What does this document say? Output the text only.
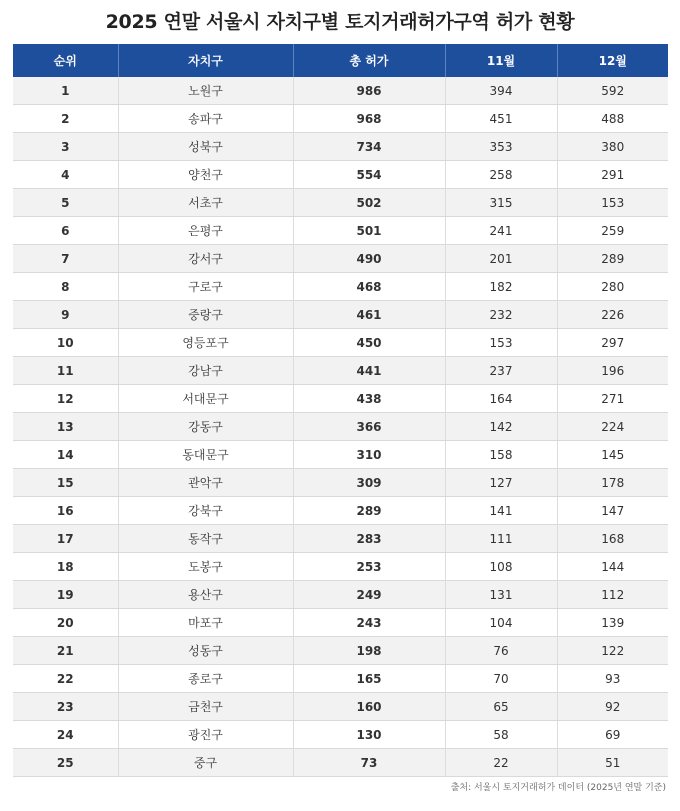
2025 연말 서울시 자치구별 토지거래허가구역 허가 현황
순위	자치구	총 허가	11월	12월
1	노원구	986	394	592
2	송파구	968	451	488
3	성북구	734	353	380
4	양천구	554	258	291
5	서초구	502	315	153
6	은평구	501	241	259
7	강서구	490	201	289
8	구로구	468	182	280
9	중랑구	461	232	226
10	영등포구	450	153	297
11	강남구	441	237	196
12	서대문구	438	164	271
13	강동구	366	142	224
14	동대문구	310	158	145
15	관악구	309	127	178
16	강북구	289	141	147
17	동작구	283	111	168
18	도봉구	253	108	144
19	용산구	249	131	112
20	마포구	243	104	139
21	성동구	198	76	122
22	종로구	165	70	93
23	금천구	160	65	92
24	광진구	130	58	69
25	중구	73	22	51
출처: 서울시 토지거래허가 데이터 (2025년 연말 기준)
